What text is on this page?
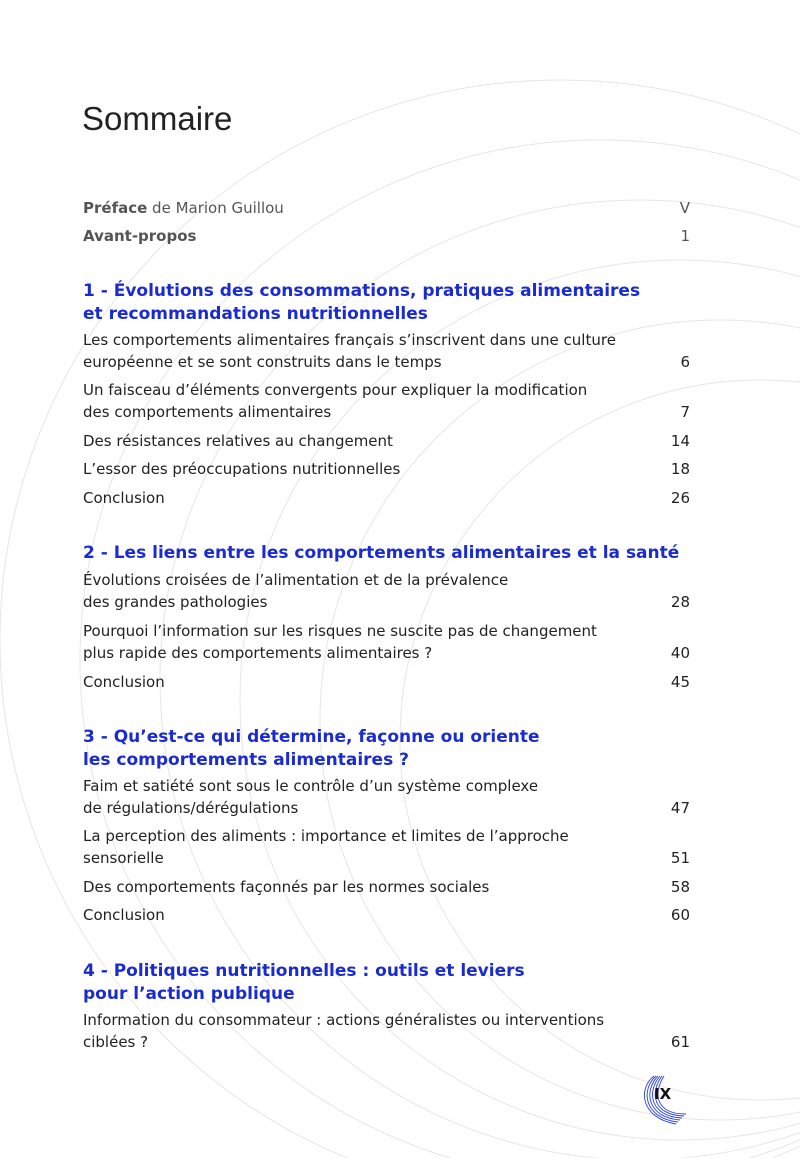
Sommaire
Préface de Marion Guillou	V
Avant-propos	1
1 - Évolutions des consommations, pratiques alimentaires
et recommandations nutritionnelles
Les comportements alimentaires français s’inscrivent dans une culture
européenne et se sont construits dans le temps	6
Un faisceau d’éléments convergents pour expliquer la modification
des comportements alimentaires	7
Des résistances relatives au changement	14
L’essor des préoccupations nutritionnelles	18
Conclusion	26
2 - Les liens entre les comportements alimentaires et la santé
Évolutions croisées de l’alimentation et de la prévalence
des grandes pathologies	28
Pourquoi l’information sur les risques ne suscite pas de changement
plus rapide des comportements alimentaires ?	40
Conclusion	45
3 - Qu’est-ce qui détermine, façonne ou oriente
les comportements alimentaires ?
Faim et satiété sont sous le contrôle d’un système complexe
de régulations/dérégulations	47
La perception des aliments : importance et limites de l’approche
sensorielle	51
Des comportements façonnés par les normes sociales	58
Conclusion	60
4 - Politiques nutritionnelles : outils et leviers
pour l’action publique
Information du consommateur : actions généralistes ou interventions
ciblées ?	61
IX
